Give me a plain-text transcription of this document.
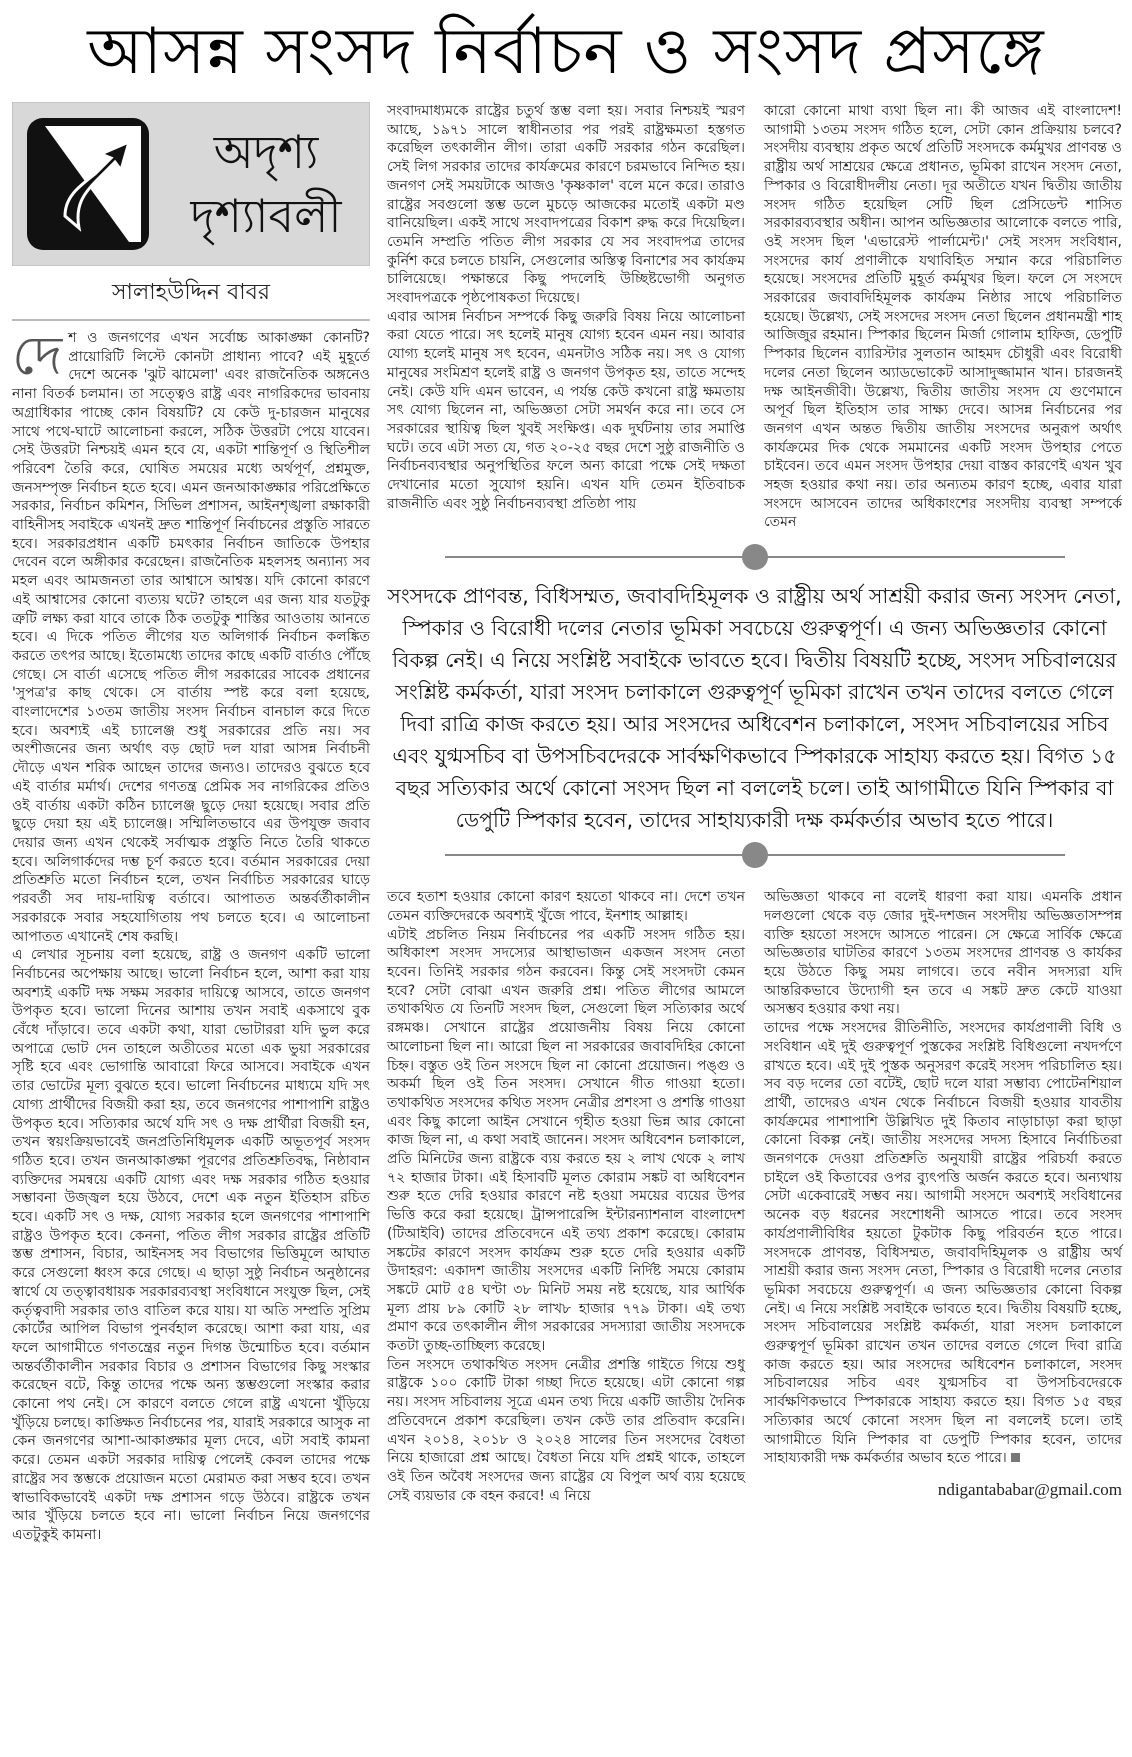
আসন্ন সংসদ নির্বাচন ও সংসদ প্রসঙ্গে
অদৃশ্য
দৃশ্যাবলী
সালাহউদ্দিন বাবর

দেশ ও জনগণের এখন সর্বোচ্চ আকাঙ্ক্ষা কোনটি? প্রায়োরিটি লিস্টে কোনটা প্রাধান্য পাবে? এই মুহূর্তে দেশে অনেক 'ঝুট ঝামেলা' এবং রাজনৈতিক অঙ্গনেও নানা বিতর্ক চলমান। তা সত্ত্বেও রাষ্ট্র এবং নাগরিকদের ভাবনায় অগ্রাধিকার পাচ্ছে কোন বিষয়টি? যে কেউ দু-চারজন মানুষের সাথে পথে-ঘাটে আলোচনা করলে, সঠিক উত্তরটা পেয়ে যাবেন। সেই উত্তরটা নিশ্চয়ই এমন হবে যে, একটা শান্তিপূর্ণ ও স্থিতিশীল পরিবেশ তৈরি করে, ঘোষিত সময়ের মধ্যে অর্থপূর্ণ, প্রশ্নমুক্ত, জনসম্পৃক্ত নির্বাচন হতে হবে। এমন জনআকাঙ্ক্ষার পরিপ্রেক্ষিতে সরকার, নির্বাচন কমিশন, সিভিল প্রশাসন, আইনশৃঙ্খলা রক্ষাকারী বাহিনীসহ সবাইকে এখনই দ্রুত শান্তিপূর্ণ নির্বাচনের প্রস্তুতি সারতে হবে। সরকারপ্রধান একটি চমৎকার নির্বাচন জাতিকে উপহার দেবেন বলে অঙ্গীকার করেছেন। রাজনৈতিক মহলসহ অন্যান্য সব মহল এবং আমজনতা তার আশ্বাসে আশ্বস্ত। যদি কোনো কারণে এই আশ্বাসের কোনো ব্যত্যয় ঘটে? তাহলে এর জন্য যার যতটুকু ত্রুটি লক্ষ্য করা যাবে তাকে ঠিক ততটুকু শাস্তির আওতায় আনতে হবে। এ দিকে পতিত লীগের যত অলিগার্ক নির্বাচন কলঙ্কিত করতে তৎপর আছে। ইতোমধ্যে তাদের কাছে একটি বার্তাও পৌঁছে গেছে। সে বার্তা এসেছে পতিত লীগ সরকারের সাবেক প্রধানের 'সুপত্র'র কাছ থেকে। সে বার্তায় স্পষ্ট করে বলা হয়েছে, বাংলাদেশের ১৩তম জাতীয় সংসদ নির্বাচন বানচাল করে দিতে হবে। অবশ্যই এই চ্যালেঞ্জ শুধু সরকারের প্রতি নয়। সব অংশীজনের জন্য অর্থাৎ বড় ছোট দল যারা আসন্ন নির্বাচনী দৌড়ে এখন শরিক আছেন তাদের জন্যও। তাদেরও বুঝতে হবে এই বার্তার মর্মার্থ। দেশের গণতন্ত্র প্রেমিক সব নাগরিকের প্রতিও ওই বার্তায় একটা কঠিন চ্যালেঞ্জ ছুড়ে দেয়া হয়েছে। সবার প্রতি ছুড়ে দেয়া হয় এই চ্যালেঞ্জ। সম্মিলিতভাবে এর উপযুক্ত জবাব দেয়ার জন্য এখন থেকেই সর্বাত্মক প্রস্তুতি নিতে তৈরি থাকতে হবে। অলিগার্কদের দম্ভ চূর্ণ করতে হবে। বর্তমান সরকারের দেয়া প্রতিশ্রুতি মতো নির্বাচন হলে, তখন নির্বাচিত সরকারের ঘাড়ে পরবর্তী সব দায়-দায়িত্ব বর্তাবে। আপাতত অন্তর্বর্তীকালীন সরকারকে সবার সহযোগিতায় পথ চলতে হবে। এ আলোচনা আপাতত এখানেই শেষ করছি।

এ লেখার সূচনায় বলা হয়েছে, রাষ্ট্র ও জনগণ একটি ভালো নির্বাচনের অপেক্ষায় আছে। ভালো নির্বাচন হলে, আশা করা যায় অবশ্যই একটি দক্ষ সক্ষম সরকার দায়িত্বে আসবে, তাতে জনগণ উপকৃত হবে। ভালো দিনের আশায় তখন সবাই একসাথে বুক বেঁধে দাঁড়াবে। তবে একটা কথা, যারা ভোটাররা যদি ভুল করে অপাত্রে ভোট দেন তাহলে অতীতের মতো এক ভুয়া সরকারের সৃষ্টি হবে এবং ভোগান্তি আবারো ফিরে আসবে। সবাইকে এখন তার ভোটের মূল্য বুঝতে হবে। ভালো নির্বাচনের মাধ্যমে যদি সৎ যোগ্য প্রার্থীদের বিজয়ী করা হয়, তবে জনগণের পাশাপাশি রাষ্ট্রও উপকৃত হবে। সত্যিকার অর্থে যদি সৎ ও দক্ষ প্রার্থীরা বিজয়ী হন, তখন স্বয়ংক্রিয়ভাবেই জনপ্রতিনিধিমূলক একটি অভূতপূর্ব সংসদ গঠিত হবে। তখন জনআকাঙ্ক্ষা পূরণের প্রতিশ্রুতিবদ্ধ, নিষ্ঠাবান ব্যক্তিদের সমন্বয়ে একটি যোগ্য এবং দক্ষ সরকার গঠিত হওয়ার সম্ভাবনা উজ্জ্বল হয়ে উঠবে, দেশে এক নতুন ইতিহাস রচিত হবে। একটি সৎ ও দক্ষ, যোগ্য সরকার হলে জনগণের পাশাপাশি রাষ্ট্রও উপকৃত হবে। কেননা, পতিত লীগ সরকার রাষ্ট্রের প্রতিটি স্তম্ভ প্রশাসন, বিচার, আইনসহ সব বিভাগের ভিত্তিমূলে আঘাত করে সেগুলো ধ্বংস করে গেছে। এ ছাড়া সুষ্ঠু নির্বাচন অনুষ্ঠানের স্বার্থে যে তত্ত্বাবধায়ক সরকারব্যবস্থা সংবিধানে সংযুক্ত ছিল, সেই কর্তৃত্ববাদী সরকার তাও বাতিল করে যায়। যা অতি সম্প্রতি সুপ্রিম কোর্টের আপিল বিভাগ পুনর্বহাল করেছে। আশা করা যায়, এর ফলে আগামীতে গণতন্ত্রের নতুন দিগন্ত উন্মোচিত হবে। বর্তমান অন্তর্বর্তীকালীন সরকার বিচার ও প্রশাসন বিভাগের কিছু সংস্কার করেছেন বটে, কিন্তু তাদের পক্ষে অন্য স্তম্ভগুলো সংস্কার করার কোনো পথ নেই। সে কারণে বলতে গেলে রাষ্ট্র এখনো খুঁড়িয়ে খুঁড়িয়ে চলছে। কাঙ্ক্ষিত নির্বাচনের পর, যারাই সরকারে আসুক না কেন জনগণের আশা-আকাঙ্ক্ষার মূল্য দেবে, এটা সবাই কামনা করে। তেমন একটা সরকার দায়িত্ব পেলেই কেবল তাদের পক্ষে রাষ্ট্রের সব স্তম্ভকে প্রয়োজন মতো মেরামত করা সম্ভব হবে। তখন স্বাভাবিকভাবেই একটা দক্ষ প্রশাসন গড়ে উঠবে। রাষ্ট্রকে তখন আর খুঁড়িয়ে চলতে হবে না। ভালো নির্বাচন নিয়ে জনগণের এতটুকুই কামনা।

সংবাদমাধ্যমকে রাষ্ট্রের চতুর্থ স্তম্ভ বলা হয়। সবার নিশ্চয়ই স্মরণ আছে, ১৯৭১ সালে স্বাধীনতার পর পরই রাষ্ট্রক্ষমতা হস্তগত করেছিল তৎকালীন লীগ। তারা একটি সরকার গঠন করেছিল। সেই লিগ সরকার তাদের কার্যক্রমের কারণে চরমভাবে নিন্দিত হয়। জনগণ সেই সময়টাকে আজও 'কৃষ্ণকাল' বলে মনে করে। তারাও রাষ্ট্রের সবগুলো স্তম্ভ ডলে মুচড়ে আজকের মতোই একটা মণ্ড বানিয়েছিল। একই সাথে সংবাদপত্রের বিকাশ রুদ্ধ করে দিয়েছিল। তেমনি সম্প্রতি পতিত লীগ সরকার যে সব সংবাদপত্র তাদের কুর্নিশ করে চলতে চায়নি, সেগুলোর অস্তিত্ব বিনাশের সব কার্যক্রম চালিয়েছে। পক্ষান্তরে কিছু পদলেহি উচ্ছিষ্টভোগী অনুগত সংবাদপত্রকে পৃষ্ঠপোষকতা দিয়েছে।

এবার আসন্ন নির্বাচন সম্পর্কে কিছু জরুরি বিষয় নিয়ে আলোচনা করা যেতে পারে। সৎ হলেই মানুষ যোগ্য হবেন এমন নয়। আবার যোগ্য হলেই মানুষ সৎ হবেন, এমনটাও সঠিক নয়। সৎ ও যোগ্য মানুষের সংমিশ্রণ হলেই রাষ্ট্র ও জনগণ উপকৃত হয়, তাতে সন্দেহ নেই। কেউ যদি এমন ভাবেন, এ পর্যন্ত কেউ কখনো রাষ্ট্র ক্ষমতায় সৎ যোগ্য ছিলেন না, অভিজ্ঞতা সেটা সমর্থন করে না। তবে সে সরকারের স্থায়িত্ব ছিল খুবই সংক্ষিপ্ত। এক দুর্ঘটনায় তার সমাপ্তি ঘটে। তবে এটা সত্য যে, গত ২০-২৫ বছর দেশে সুষ্ঠু রাজনীতি ও নির্বাচনব্যবস্থার অনুপস্থিতির ফলে অন্য কারো পক্ষে সেই দক্ষতা দেখানোর মতো সুযোগ হয়নি। এখন যদি তেমন ইতিবাচক রাজনীতি এবং সুষ্ঠু নির্বাচনব্যবস্থা প্রতিষ্ঠা পায়

কারো কোনো মাথা ব্যথা ছিল না। কী আজব এই বাংলাদেশ! আগামী ১৩তম সংসদ গঠিত হলে, সেটা কোন প্রক্রিয়ায় চলবে? সংসদীয় ব্যবস্থায় প্রকৃত অর্থে প্রতিটি সংসদকে কর্মমুখর প্রাণবন্ত ও রাষ্ট্রীয় অর্থ সাশ্রয়ের ক্ষেত্রে প্রধানত, ভূমিকা রাখেন সংসদ নেতা, স্পিকার ও বিরোধীদলীয় নেতা। দূর অতীতে যখন দ্বিতীয় জাতীয় সংসদ গঠিত হয়েছিল সেটি ছিল প্রেসিডেন্ট শাসিত সরকারব্যবস্থার অধীন। আপন অভিজ্ঞতার আলোকে বলতে পারি, ওই সংসদ ছিল 'এভারেস্ট পার্লামেন্ট।' সেই সংসদ সংবিধান, সংসদের কার্য প্রণালীকে যথাবিহিত সম্মান করে পরিচালিত হয়েছে। সংসদের প্রতিটি মুহূর্ত কর্মমুখর ছিল। ফলে সে সংসদে সরকারের জবাবদিহিমূলক কার্যক্রম নিষ্ঠার সাথে পরিচালিত হয়েছে। উল্লেখ্য, সেই সংসদের সংসদ নেতা ছিলেন প্রধানমন্ত্রী শাহ আজিজুর রহমান। স্পিকার ছিলেন মির্জা গোলাম হাফিজ, ডেপুটি স্পিকার ছিলেন ব্যারিস্টার সুলতান আহমদ চৌধুরী এবং বিরোধী দলের নেতা ছিলেন অ্যাডভোকেট আসাদুজ্জামান খান। চারজনই দক্ষ আইনজীবী। উল্লেখ্য, দ্বিতীয় জাতীয় সংসদ যে গুণেমানে অপূর্ব ছিল ইতিহাস তার সাক্ষ্য দেবে। আসন্ন নির্বাচনের পর জনগণ এখন অন্তত দ্বিতীয় জাতীয় সংসদের অনুরূপ অর্থাৎ কার্যক্রমের দিক থেকে সমমানের একটি সংসদ উপহার পেতে চাইবেন। তবে এমন সংসদ উপহার দেয়া বাস্তব কারণেই এখন খুব সহজ হওয়ার কথা নয়। তার অন্যতম কারণ হচ্ছে, এবার যারা সংসদে আসবেন তাদের অধিকাংশের সংসদীয় ব্যবস্থা সম্পর্কে তেমন

সংসদকে প্রাণবন্ত, বিধিসম্মত, জবাবদিহিমূলক ও রাষ্ট্রীয় অর্থ সাশ্রয়ী করার জন্য সংসদ নেতা, স্পিকার ও বিরোধী দলের নেতার ভূমিকা সবচেয়ে গুরুত্বপূর্ণ। এ জন্য অভিজ্ঞতার কোনো বিকল্প নেই। এ নিয়ে সংশ্লিষ্ট সবাইকে ভাবতে হবে। দ্বিতীয় বিষয়টি হচ্ছে, সংসদ সচিবালয়ের সংশ্লিষ্ট কর্মকর্তা, যারা সংসদ চলাকালে গুরুত্বপূর্ণ ভূমিকা রাখেন তখন তাদের বলতে গেলে দিবা রাত্রি কাজ করতে হয়। আর সংসদের অধিবেশন চলাকালে, সংসদ সচিবালয়ের সচিব এবং যুগ্মসচিব বা উপসচিবদেরকে সার্বক্ষণিকভাবে স্পিকারকে সাহায্য করতে হয়। বিগত ১৫ বছর সত্যিকার অর্থে কোনো সংসদ ছিল না বললেই চলে। তাই আগামীতে যিনি স্পিকার বা ডেপুটি স্পিকার হবেন, তাদের সাহায্যকারী দক্ষ কর্মকর্তার অভাব হতে পারে।

তবে হতাশ হওয়ার কোনো কারণ হয়তো থাকবে না। দেশে তখন তেমন ব্যক্তিদেরকে অবশ্যই খুঁজে পাবে, ইনশাহ আল্লাহ।

এটাই প্রচলিত নিয়ম নির্বাচনের পর একটি সংসদ গঠিত হয়। অধিকাংশ সংসদ সদস্যের আস্থাভাজন একজন সংসদ নেতা হবেন। তিনিই সরকার গঠন করবেন। কিন্তু সেই সংসদটা কেমন হবে? সেটা বোঝা এখন জরুরি প্রশ্ন। পতিত লীগের আমলে তথাকথিত যে তিনটি সংসদ ছিল, সেগুলো ছিল সত্যিকার অর্থে রঙ্গমঞ্চ। সেখানে রাষ্ট্রের প্রয়োজনীয় বিষয় নিয়ে কোনো আলোচনা ছিল না। আরো ছিল না সরকারের জবাবদিহির কোনো চিহ্ন। বস্তুত ওই তিন সংসদে ছিল না কোনো প্রয়োজন। পঙ্গু ও অকর্মা ছিল ওই তিন সংসদ। সেখানে গীত গাওয়া হতো। তথাকথিত সংসদের কথিত সংসদ নেত্রীর প্রশংসা ও প্রশস্তি গাওয়া এবং কিছু কালো আইন সেখানে গৃহীত হওয়া ভিন্ন আর কোনো কাজ ছিল না, এ কথা সবাই জানেন। সংসদ অধিবেশন চলাকালে, প্রতি মিনিটের জন্য রাষ্ট্রকে ব্যয় করতে হয় ২ লাখ থেকে ২ লাখ ৭২ হাজার টাকা। এই হিসাবটি মূলত কোরাম সঙ্কট বা অধিবেশন শুরু হতে দেরি হওয়ার কারণে নষ্ট হওয়া সময়ের ব্যয়ের উপর ভিত্তি করে করা হয়েছে। ট্রান্সপারেন্সি ইন্টারন্যাশনাল বাংলাদেশ (টিআইবি) তাদের প্রতিবেদনে এই তথ্য প্রকাশ করেছে। কোরাম সঙ্কটের কারণে সংসদ কার্যক্রম শুরু হতে দেরি হওয়ার একটি উদাহরণ: একাদশ জাতীয় সংসদের একটি নির্দিষ্ট সময়ে কোরাম সঙ্কটে মোট ৫৪ ঘণ্টা ৩৮ মিনিট সময় নষ্ট হয়েছে, যার আর্থিক মূল্য প্রায় ৮৯ কোটি ২৮ লাখ৮ হাজার ৭৭৯ টাকা। এই তথ্য প্রমাণ করে তৎকালীন লীগ সরকারের সদস্যারা জাতীয় সংসদকে কতটা তুচ্ছ-তাচ্ছিল্য করেছে।

তিন সংসদে তথাকথিত সংসদ নেত্রীর প্রশস্তি গাইতে গিয়ে শুধু রাষ্ট্রকে ১০০ কোটি টাকা গচ্ছা দিতে হয়েছে। এটা কোনো গল্প নয়। সংসদ সচিবালয় সূত্রে এমন তথ্য দিয়ে একটি জাতীয় দৈনিক প্রতিবেদনে প্রকাশ করেছিল। তখন কেউ তার প্রতিবাদ করেনি। এখন ২০১৪, ২০১৮ ও ২০২৪ সালের তিন সংসদের বৈধতা নিয়ে হাজারো প্রশ্ন আছে। বৈধতা নিয়ে যদি প্রশ্নই থাকে, তাহলে ওই তিন অবৈধ সংসদের জন্য রাষ্ট্রের যে বিপুল অর্থ ব্যয় হয়েছে সেই ব্যয়ভার কে বহন করবে! এ নিয়ে

অভিজ্ঞতা থাকবে না বলেই ধারণা করা যায়। এমনকি প্রধান দলগুলো থেকে বড় জোর দুই-দশজন সংসদীয় অভিজ্ঞতাসম্পন্ন ব্যক্তি হয়তো সংসদে আসতে পারেন। সে ক্ষেত্রে সার্বিক ক্ষেত্রে অভিজ্ঞতার ঘাটতির কারণে ১৩তম সংসদের প্রাণবন্ত ও কার্যকর হয়ে উঠতে কিছু সময় লাগবে। তবে নবীন সদস্যরা যদি আন্তরিকভাবে উদ্যোগী হন তবে এ সঙ্কট দ্রুত কেটে যাওয়া অসম্ভব হওয়ার কথা নয়।

তাদের পক্ষে সংসদের রীতিনীতি, সংসদের কার্যপ্রণালী বিধি ও সংবিধান এই দুই গুরুত্বপূর্ণ পুস্তকের সংশ্লিষ্ট বিধিগুলো নখদর্পণে রাখতে হবে। এই দুই পুস্তক অনুসরণ করেই সংসদ পরিচালিত হয়। সব বড় দলের তো বটেই, ছোট দলে যারা সম্ভাব্য পোটেনশিয়াল প্রার্থী, তাদেরও এখন থেকে নির্বাচনে বিজয়ী হওয়ার যাবতীয় কার্যক্রমের পাশাপাশি উল্লিখিত দুই কিতাব নাড়াচাড়া করা ছাড়া কোনো বিকল্প নেই। জাতীয় সংসদের সদস্য হিসাবে নির্বাচিতরা জনগণকে দেওয়া প্রতিশ্রুতি অনুযায়ী রাষ্ট্রের পরিচর্যা করতে চাইলে ওই কিতাবের ওপর ব্যুৎপত্তি অর্জন করতে হবে। অন্যথায় সেটা একেবারেই সম্ভব নয়। আগামী সংসদে অবশ্যই সংবিধানের অনেক বড় ধরনের সংশোধনী আসতে পারে। তবে সংসদ কার্যপ্রণালীবিধির হয়তো টুকটাক কিছু পরিবর্তন হতে পারে। সংসদকে প্রাণবন্ত, বিধিসম্মত, জবাবদিহিমূলক ও রাষ্ট্রীয় অর্থ সাশ্রয়ী করার জন্য সংসদ নেতা, স্পিকার ও বিরোধী দলের নেতার ভূমিকা সবচেয়ে গুরুত্বপূর্ণ। এ জন্য অভিজ্ঞতার কোনো বিকল্প নেই। এ নিয়ে সংশ্লিষ্ট সবাইকে ভাবতে হবে। দ্বিতীয় বিষয়টি হচ্ছে, সংসদ সচিবালয়ের সংশ্লিষ্ট কর্মকর্তা, যারা সংসদ চলাকালে গুরুত্বপূর্ণ ভূমিকা রাখেন তখন তাদের বলতে গেলে দিবা রাত্রি কাজ করতে হয়। আর সংসদের অধিবেশন চলাকালে, সংসদ সচিবালয়ের সচিব এবং যুগ্মসচিব বা উপসচিবদেরকে সার্বক্ষণিকভাবে স্পিকারকে সাহায্য করতে হয়। বিগত ১৫ বছর সত্যিকার অর্থে কোনো সংসদ ছিল না বললেই চলে। তাই আগামীতে যিনি স্পিকার বা ডেপুটি স্পিকার হবেন, তাদের সাহায্যকারী দক্ষ কর্মকর্তার অভাব হতে পারে।

ndigantababar@gmail.com
